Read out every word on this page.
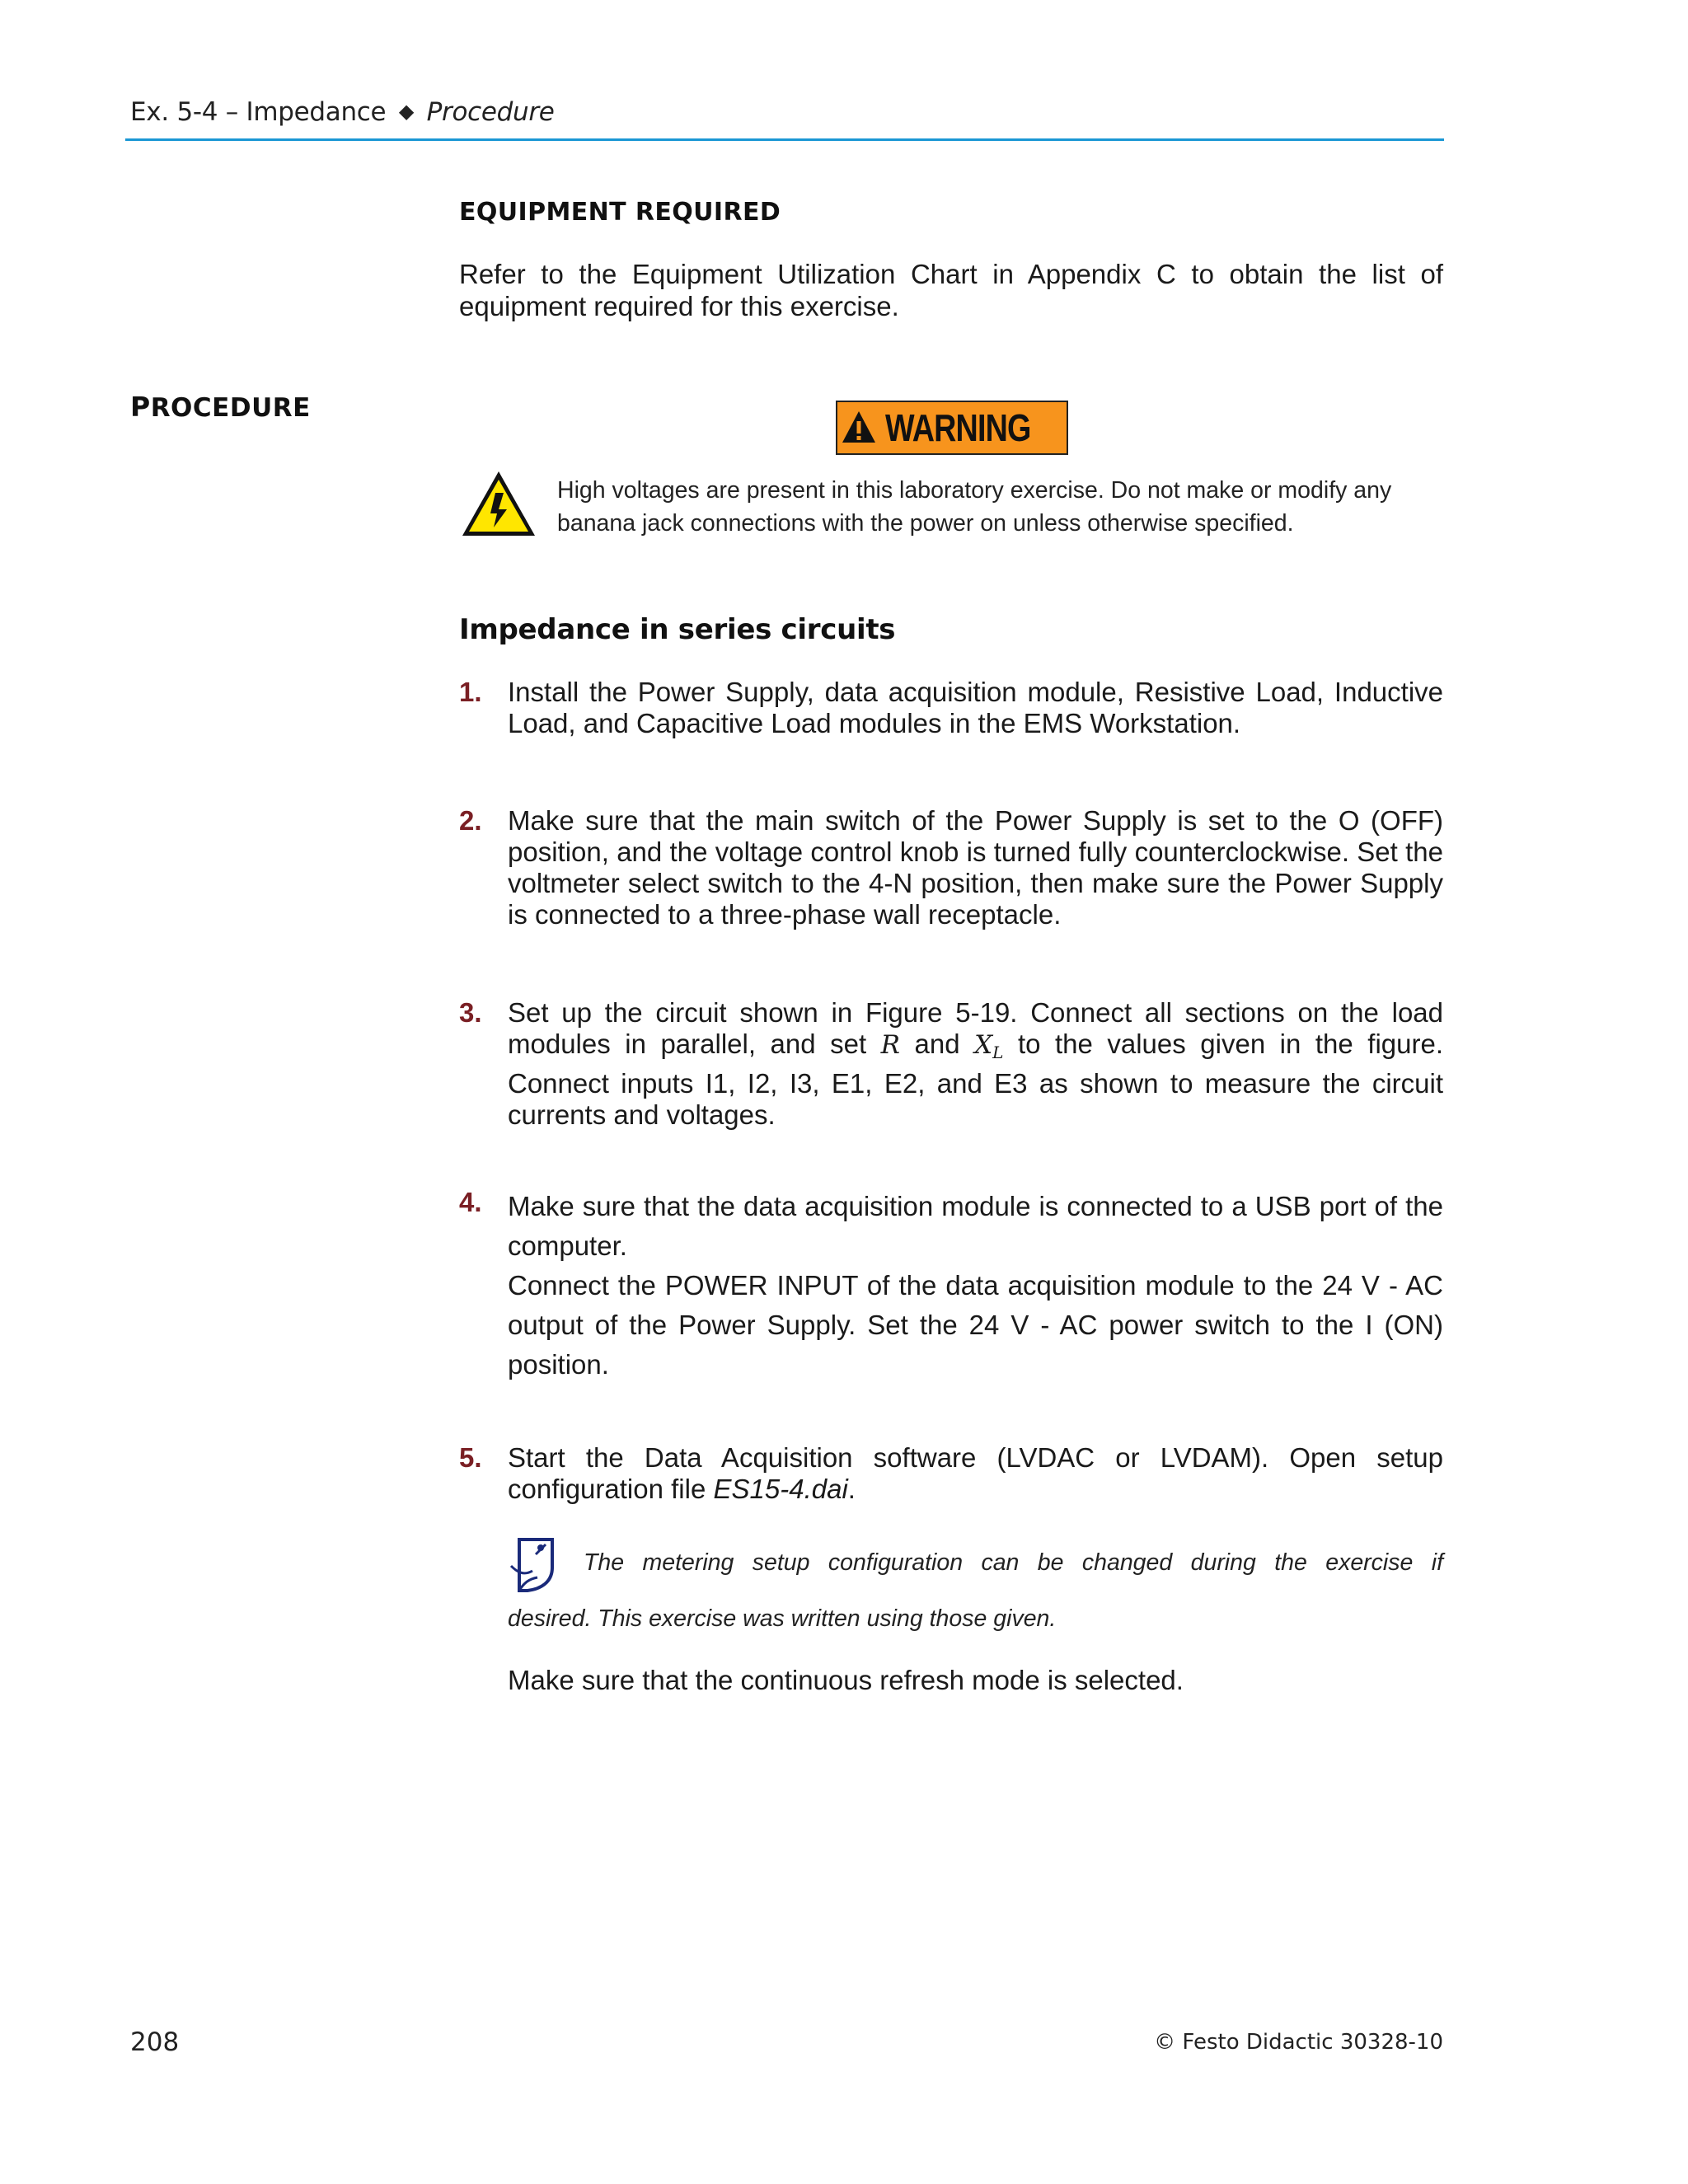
Ex. 5-4 – Impedance ◆ Procedure
EQUIPMENT REQUIRED
Refer to the Equipment Utilization Chart in Appendix C to obtain the list of equipment required for this exercise.
PROCEDURE	WARNING
High voltages are present in this laboratory exercise. Do not make or modify any banana jack connections with the power on unless otherwise specified.
Impedance in series circuits
1. Install the Power Supply, data acquisition module, Resistive Load, Inductive Load, and Capacitive Load modules in the EMS Workstation.
2. Make sure that the main switch of the Power Supply is set to the O (OFF) position, and the voltage control knob is turned fully counterclockwise. Set the voltmeter select switch to the 4-N position, then make sure the Power Supply is connected to a three-phase wall receptacle.
3. Set up the circuit shown in Figure 5-19. Connect all sections on the load modules in parallel, and set R and $X_L$ to the values given in the figure. Connect inputs I1, I2, I3, E1, E2, and E3 as shown to measure the circuit currents and voltages.
4. Make sure that the data acquisition module is connected to a USB port of the computer.
Connect the POWER INPUT of the data acquisition module to the 24 V - AC output of the Power Supply. Set the 24 V - AC power switch to the I (ON) position.
5. Start the Data Acquisition software (LVDAC or LVDAM). Open setup configuration file ES15-4.dai.
The metering setup configuration can be changed during the exercise if
desired. This exercise was written using those given.
Make sure that the continuous refresh mode is selected.
208	© Festo Didactic 30328-10
